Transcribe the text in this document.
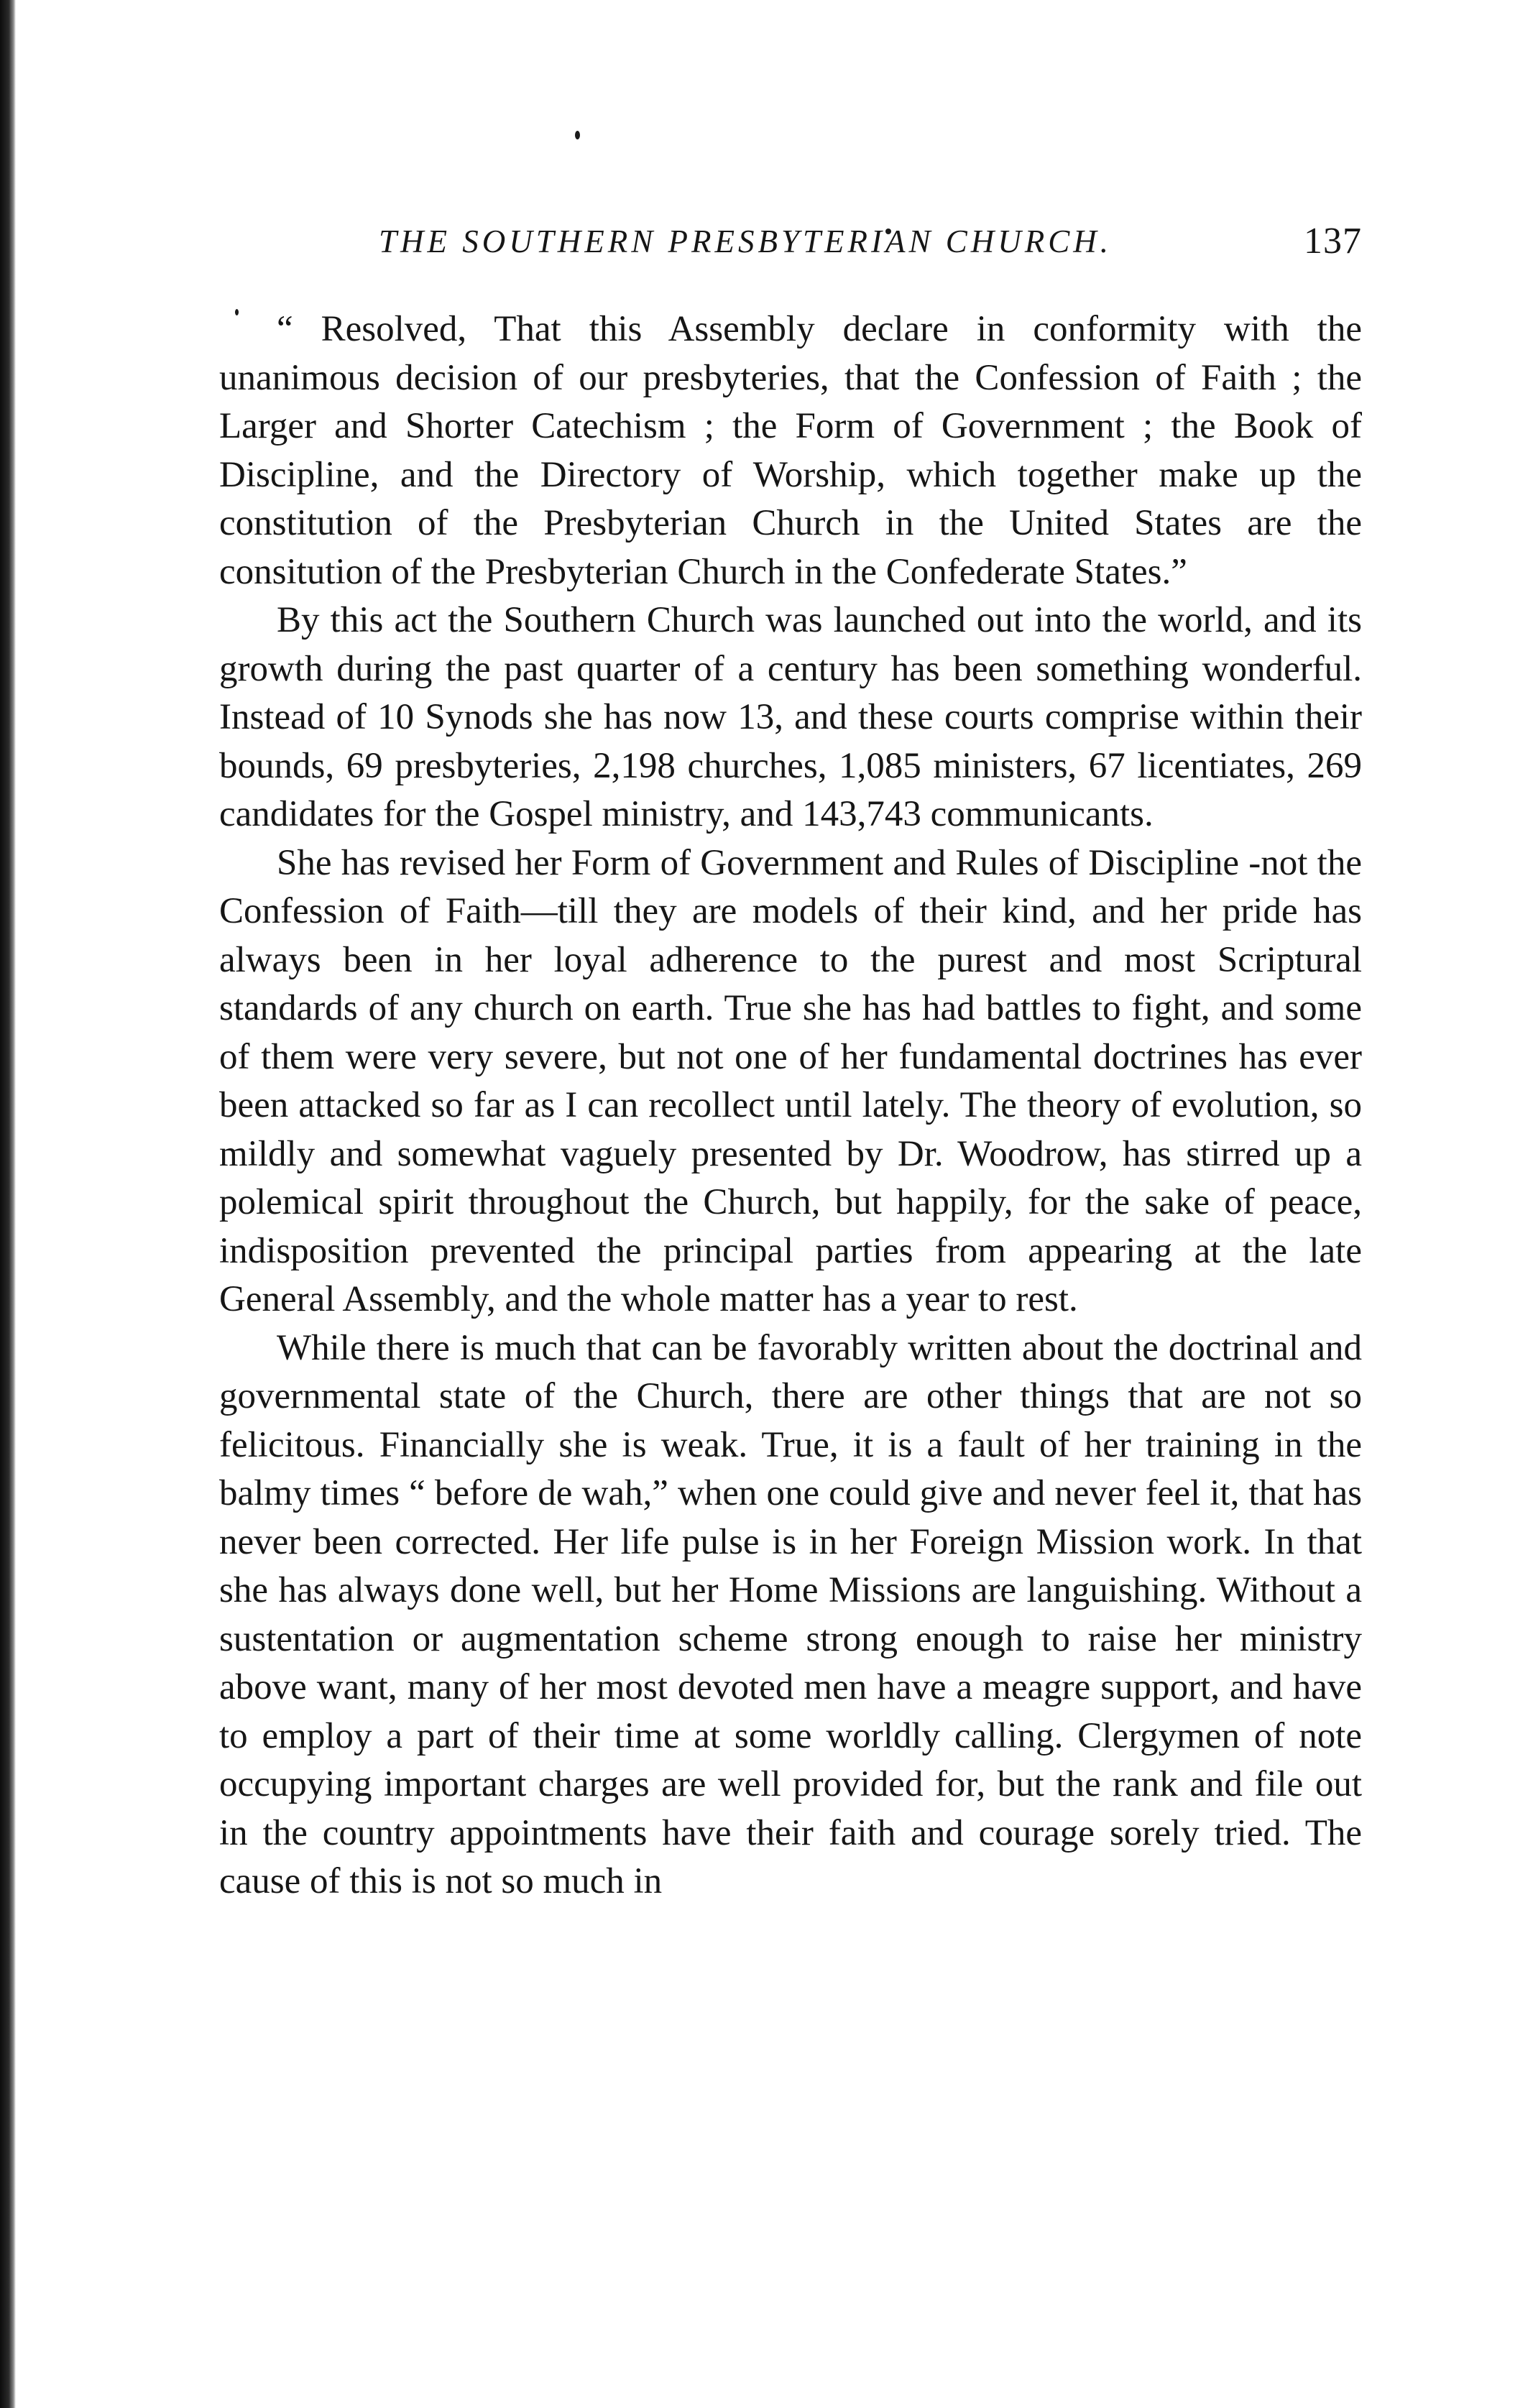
THE SOUTHERN PRESBYTERIAN CHURCH.	137

“ Resolved, That this Assembly declare in conformity with the unanimous decision of our presbyteries, that the Confession of Faith ; the Larger and Shorter Catechism ; the Form of Government ; the Book of Discipline, and the Directory of Worship, which together make up the constitution of the Presbyterian Church in the United States are the consitution of the Presbyterian Church in the Confederate States.”

By this act the Southern Church was launched out into the world, and its growth during the past quarter of a century has been something wonderful. Instead of 10 Synods she has now 13, and these courts comprise within their bounds, 69 presbyteries, 2,198 churches, 1,085 ministers, 67 licentiates, 269 candidates for the Gospel ministry, and 143,743 communicants.

She has revised her Form of Government and Rules of Discipline -not the Confession of Faith—till they are models of their kind, and her pride has always been in her loyal adherence to the purest and most Scriptural standards of any church on earth. True she has had battles to fight, and some of them were very severe, but not one of her fundamental doctrines has ever been attacked so far as I can recollect until lately. The theory of evolution, so mildly and somewhat vaguely presented by Dr. Woodrow, has stirred up a polemical spirit throughout the Church, but happily, for the sake of peace, indisposition prevented the principal parties from appearing at the late General Assembly, and the whole matter has a year to rest.

While there is much that can be favorably written about the doctrinal and governmental state of the Church, there are other things that are not so felicitous. Financially she is weak. True, it is a fault of her training in the balmy times “ before de wah,” when one could give and never feel it, that has never been corrected. Her life pulse is in her Foreign Mission work. In that she has always done well, but her Home Missions are languishing. Without a sustentation or augmentation scheme strong enough to raise her ministry above want, many of her most devoted men have a meagre support, and have to employ a part of their time at some worldly calling. Clergymen of note occupying important charges are well provided for, but the rank and file out in the country appointments have their faith and courage sorely tried. The cause of this is not so much in
